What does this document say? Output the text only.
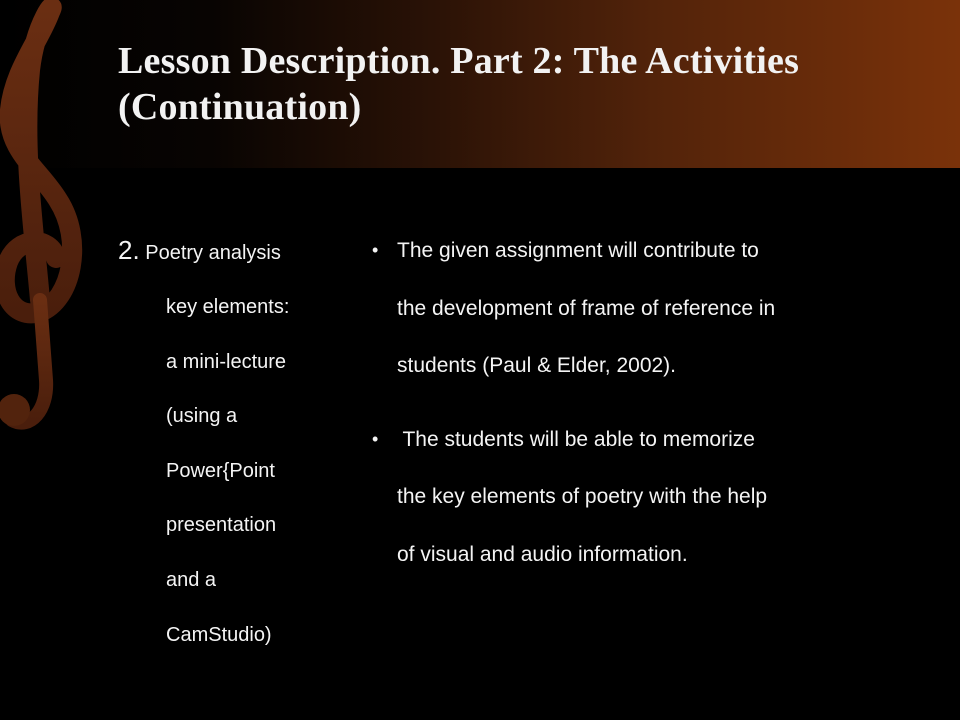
Lesson Description. Part 2: The Activities (Continuation)
2. Poetry analysis
key elements:
a mini-lecture
(using a
Power{Point
presentation
and a
CamStudio)
• The given assignment will contribute to
the development of frame of reference in
students (Paul & Elder, 2002).
• The students will be able to memorize
the key elements of poetry with the help
of visual and audio information.
